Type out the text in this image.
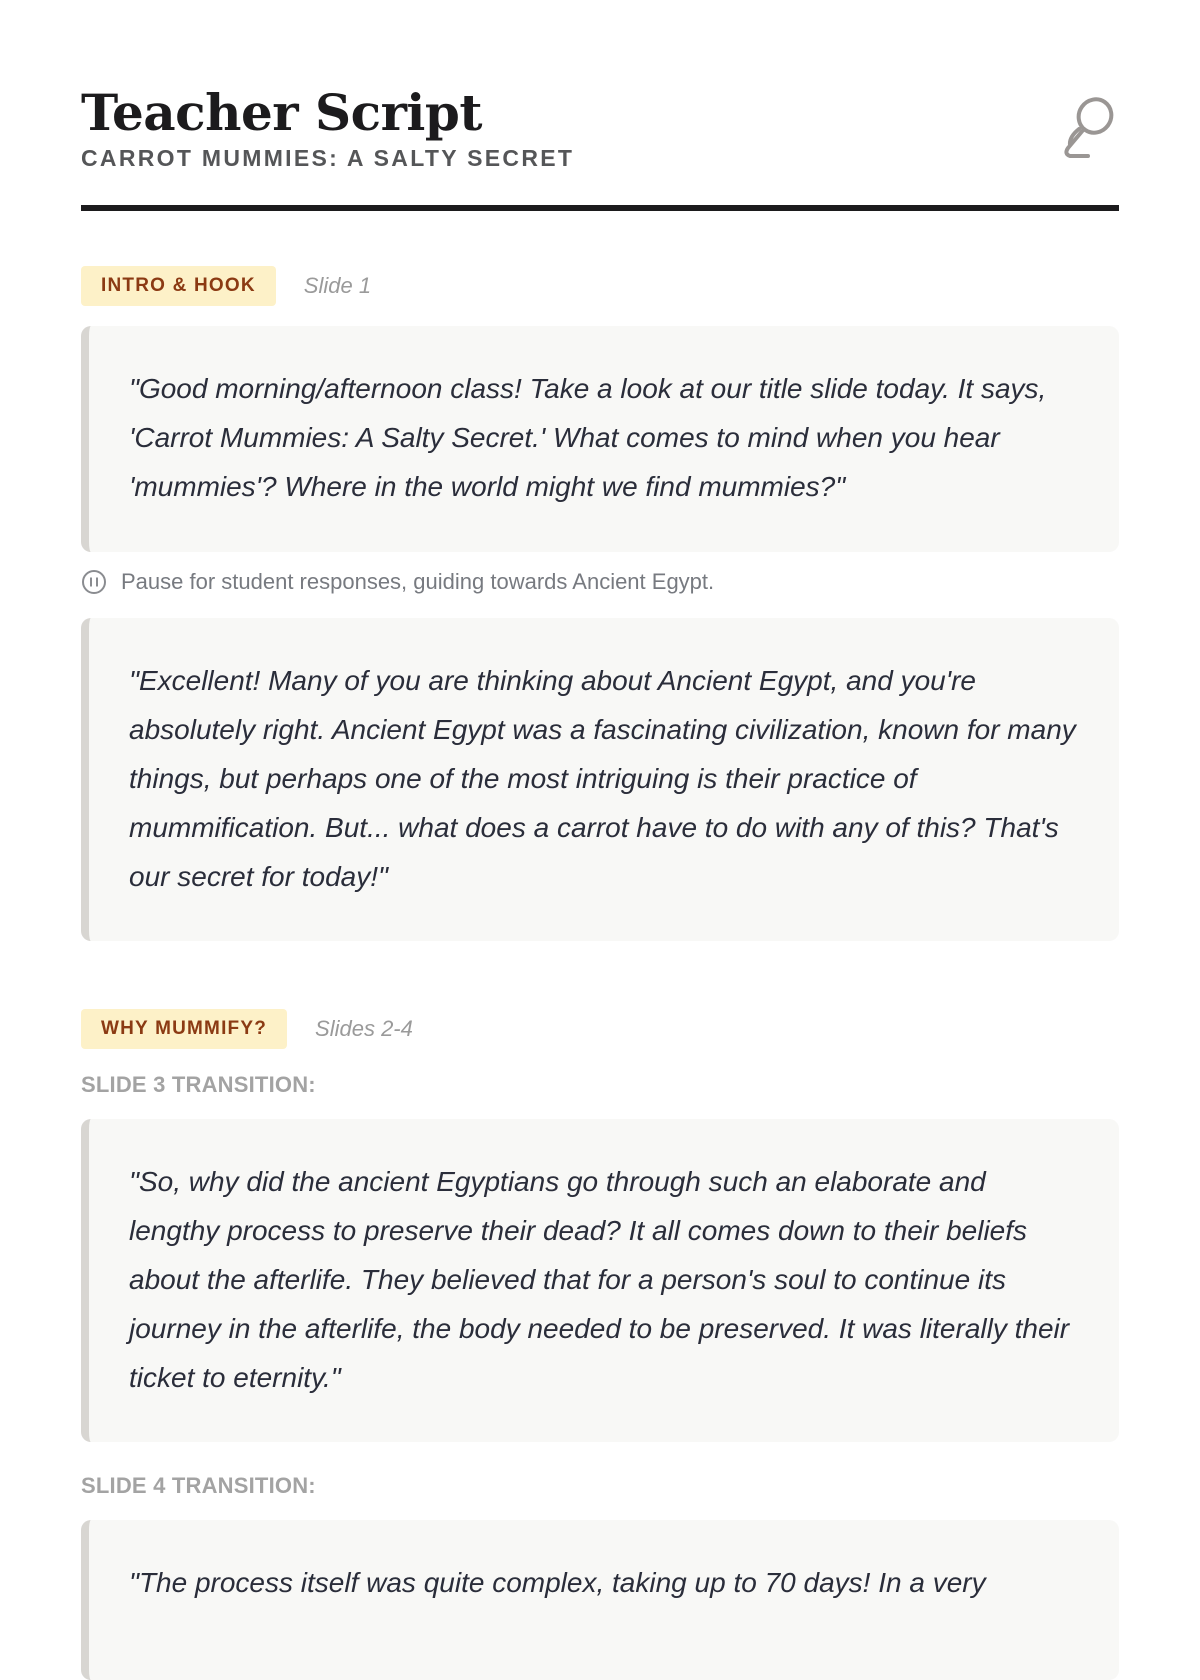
Teacher Script
CARROT MUMMIES: A SALTY SECRET
INTRO & HOOK	Slide 1

"Good morning/afternoon class! Take a look at our title slide today. It says, 'Carrot Mummies: A Salty Secret.' What comes to mind when you hear 'mummies'? Where in the world might we find mummies?"

Pause for student responses, guiding towards Ancient Egypt.

"Excellent! Many of you are thinking about Ancient Egypt, and you're absolutely right. Ancient Egypt was a fascinating civilization, known for many things, but perhaps one of the most intriguing is their practice of mummification. But... what does a carrot have to do with any of this? That's our secret for today!"

WHY MUMMIFY?	Slides 2-4
SLIDE 3 TRANSITION:

"So, why did the ancient Egyptians go through such an elaborate and lengthy process to preserve their dead? It all comes down to their beliefs about the afterlife. They believed that for a person's soul to continue its journey in the afterlife, the body needed to be preserved. It was literally their ticket to eternity."

SLIDE 4 TRANSITION:

"The process itself was quite complex, taking up to 70 days! In a very
